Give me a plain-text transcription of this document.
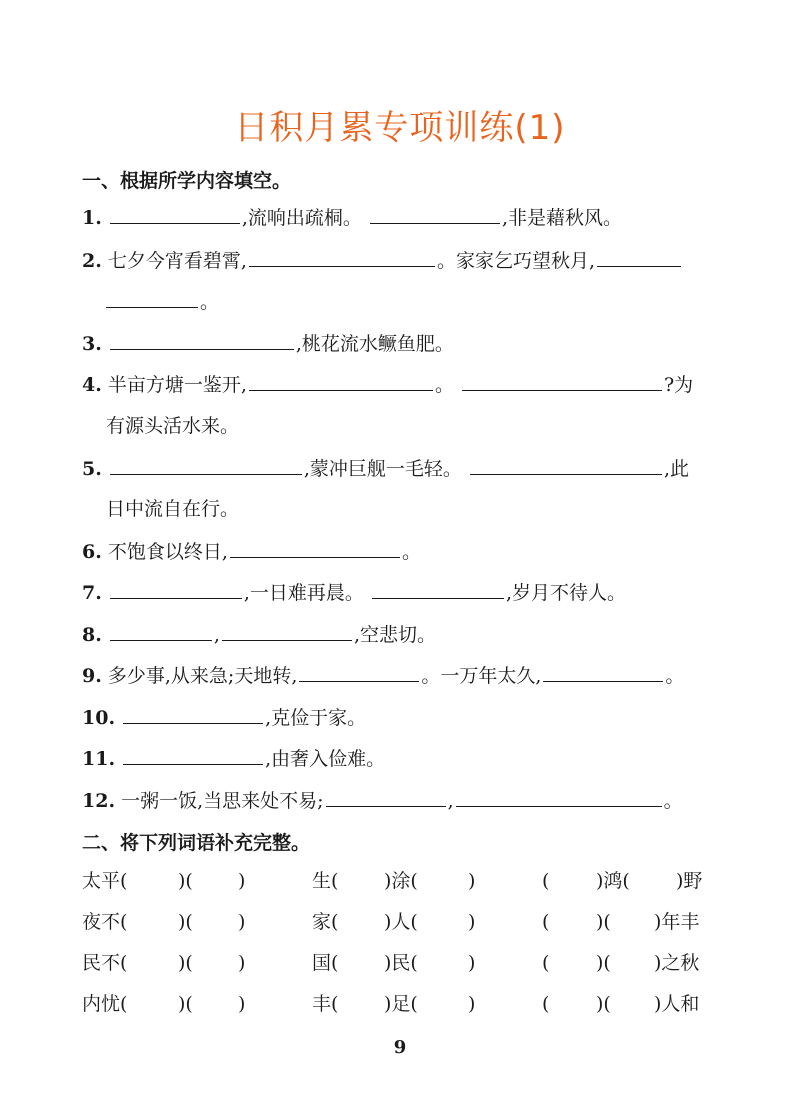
日积月累专项训练(1)
一、根据所学内容填空。
1.	,流响出疏桐。	,非是藉秋风。
2. 七夕今宵看碧霄,	。家家乞巧望秋月,
。
3.	,桃花流水鳜鱼肥。
4. 半亩方塘一鉴开,	。	?为
有源头活水来。
5.	,蒙冲巨舰一毛轻。	,此
日中流自在行。
6. 不饱食以终日,	。
7.	,一日难再晨。	,岁月不待人。
8.	,	,空悲切。
9. 多少事,从来急;天地转,	。一万年太久,	。
10.	,克俭于家。
11.	,由奢入俭难。
12. 一粥一饭,当思来处不易;	,	。
二、将下列词语补充完整。
太平(	)( )	生( )涂(	)	( )鸿( )野
夜不(	)( )	家( )人(	)	( )( )年丰
民不(	)( )	国( )民(	)	( )( )之秋
内忧(	)( )	丰( )足(	)	( )( )人和
9
